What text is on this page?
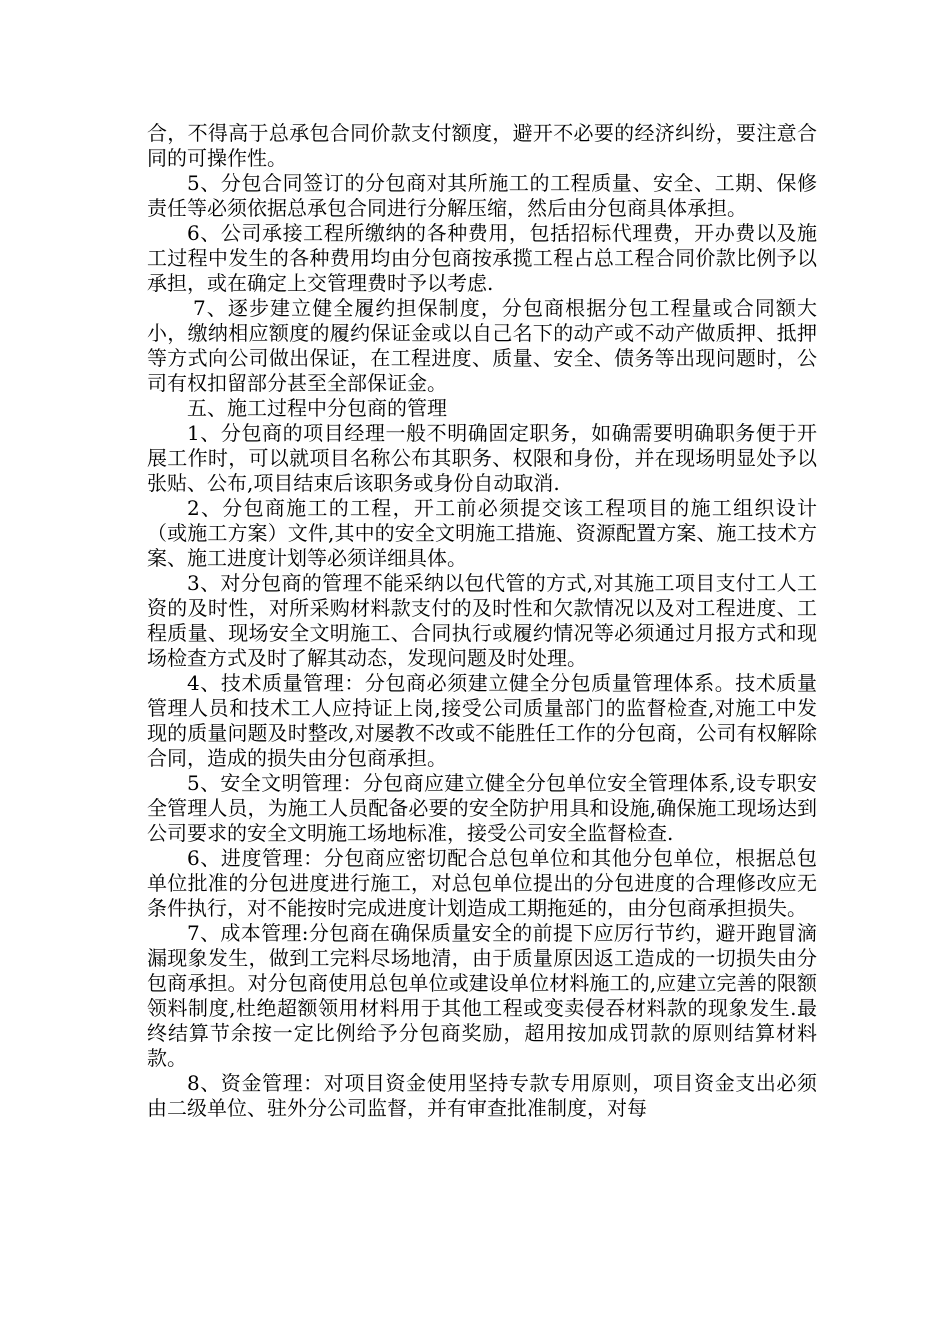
合，不得高于总承包合同价款支付额度，避开不必要的经济纠纷，要注意合同的可操作性。

5、分包合同签订的分包商对其所施工的工程质量、安全、工期、保修责任等必须依据总承包合同进行分解压缩，然后由分包商具体承担。

6、公司承接工程所缴纳的各种费用，包括招标代理费，开办费以及施工过程中发生的各种费用均由分包商按承揽工程占总工程合同价款比例予以承担，或在确定上交管理费时予以考虑.

7、逐步建立健全履约担保制度，分包商根据分包工程量或合同额大小，缴纳相应额度的履约保证金或以自己名下的动产或不动产做质押、抵押等方式向公司做出保证，在工程进度、质量、安全、债务等出现问题时，公司有权扣留部分甚至全部保证金。

五、施工过程中分包商的管理

1、分包商的项目经理一般不明确固定职务，如确需要明确职务便于开展工作时，可以就项目名称公布其职务、权限和身份，并在现场明显处予以张贴、公布,项目结束后该职务或身份自动取消.

2、分包商施工的工程，开工前必须提交该工程项目的施工组织设计（或施工方案）文件,其中的安全文明施工措施、资源配置方案、施工技术方案、施工进度计划等必须详细具体。

3、对分包商的管理不能采纳以包代管的方式,对其施工项目支付工人工资的及时性，对所采购材料款支付的及时性和欠款情况以及对工程进度、工程质量、现场安全文明施工、合同执行或履约情况等必须通过月报方式和现场检查方式及时了解其动态，发现问题及时处理。

4、技术质量管理：分包商必须建立健全分包质量管理体系。技术质量管理人员和技术工人应持证上岗,接受公司质量部门的监督检查,对施工中发现的质量问题及时整改,对屡教不改或不能胜任工作的分包商，公司有权解除合同，造成的损失由分包商承担。

5、安全文明管理：分包商应建立健全分包单位安全管理体系,设专职安全管理人员，为施工人员配备必要的安全防护用具和设施,确保施工现场达到公司要求的安全文明施工场地标准，接受公司安全监督检查.

6、进度管理：分包商应密切配合总包单位和其他分包单位，根据总包单位批准的分包进度进行施工，对总包单位提出的分包进度的合理修改应无条件执行，对不能按时完成进度计划造成工期拖延的，由分包商承担损失。

7、成本管理:分包商在确保质量安全的前提下应厉行节约，避开跑冒滴漏现象发生，做到工完料尽场地清，由于质量原因返工造成的一切损失由分包商承担。对分包商使用总包单位或建设单位材料施工的,应建立完善的限额领料制度,杜绝超额领用材料用于其他工程或变卖侵吞材料款的现象发生.最终结算节余按一定比例给予分包商奖励，超用按加成罚款的原则结算材料款。

8、资金管理：对项目资金使用坚持专款专用原则，项目资金支出必须由二级单位、驻外分公司监督，并有审查批准制度，对每
